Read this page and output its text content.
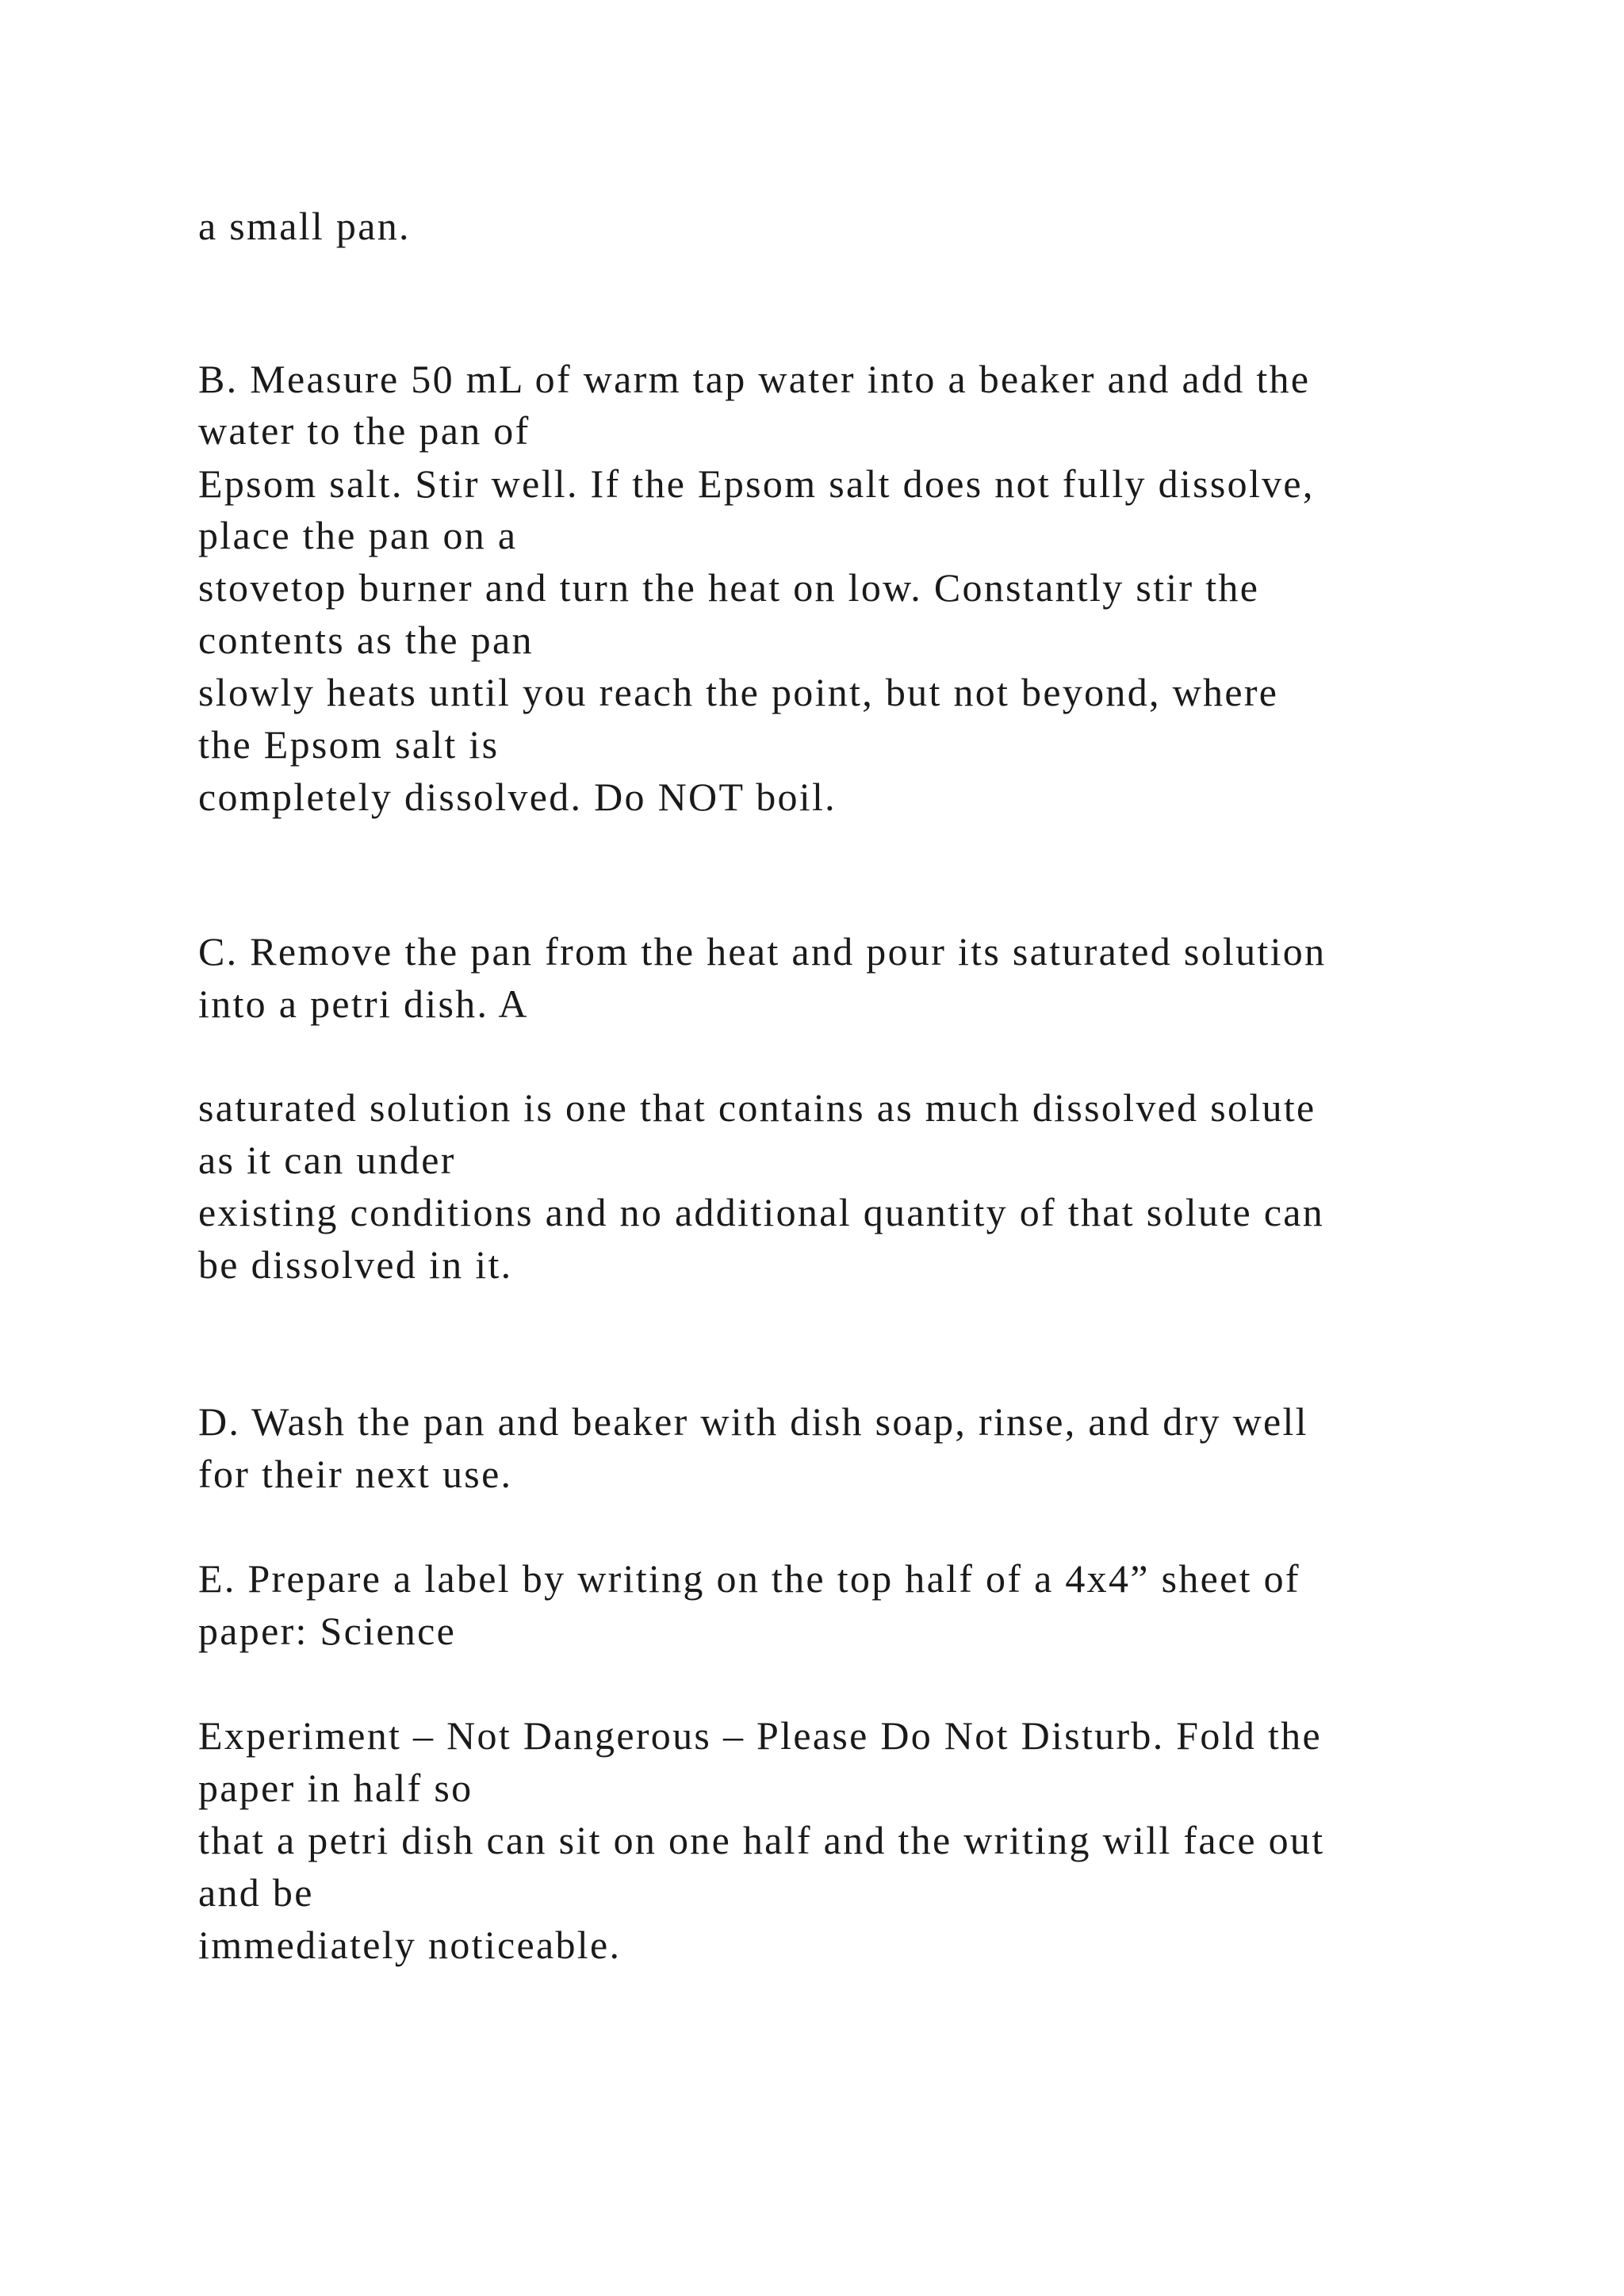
a small pan.

B. Measure 50 mL of warm tap water into a beaker and add the

water to the pan of

Epsom salt. Stir well. If the Epsom salt does not fully dissolve,

place the pan on a

stovetop burner and turn the heat on low. Constantly stir the

contents as the pan

slowly heats until you reach the point, but not beyond, where

the Epsom salt is

completely dissolved. Do NOT boil.

C. Remove the pan from the heat and pour its saturated solution

into a petri dish. A

saturated solution is one that contains as much dissolved solute

as it can under

existing conditions and no additional quantity of that solute can

be dissolved in it.

D. Wash the pan and beaker with dish soap, rinse, and dry well

for their next use.

E. Prepare a label by writing on the top half of a 4x4” sheet of

paper: Science

Experiment – Not Dangerous – Please Do Not Disturb. Fold the

paper in half so

that a petri dish can sit on one half and the writing will face out

and be

immediately noticeable.
